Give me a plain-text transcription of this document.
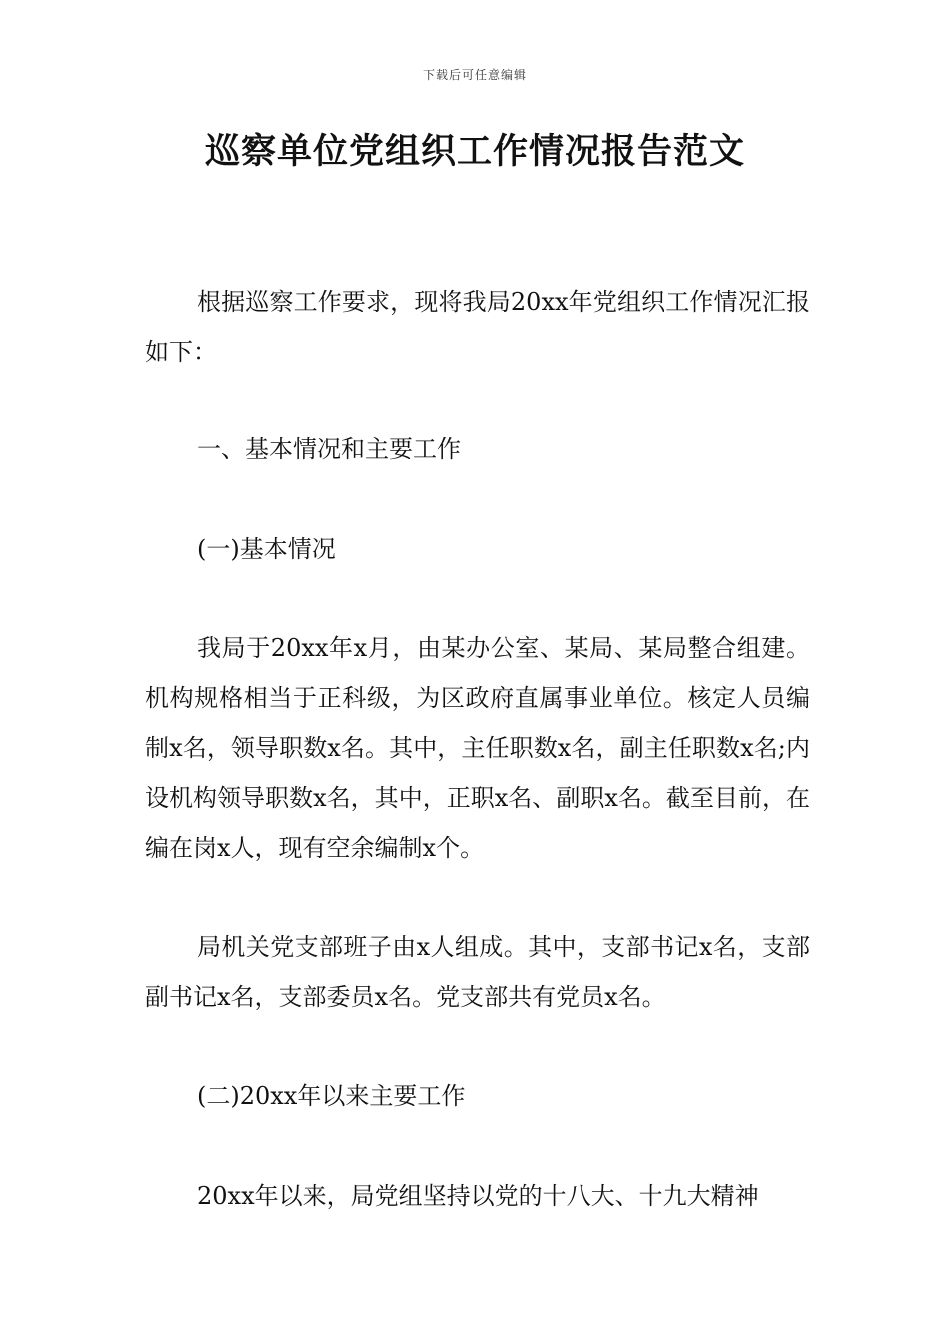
下载后可任意编辑
巡察单位党组织工作情况报告范文

根据巡察工作要求，现将我局20xx年党组织工作情况汇报如下：

一、基本情况和主要工作

(一)基本情况

我局于20xx年x月，由某办公室、某局、某局整合组建。机构规格相当于正科级，为区政府直属事业单位。核定人员编制x名，领导职数x名。其中，主任职数x名，副主任职数x名;内设机构领导职数x名，其中，正职x名、副职x名。截至目前，在编在岗x人，现有空余编制x个。

局机关党支部班子由x人组成。其中，支部书记x名，支部副书记x名，支部委员x名。党支部共有党员x名。

(二)20xx年以来主要工作

20xx年以来，局党组坚持以党的十八大、十九大精神
